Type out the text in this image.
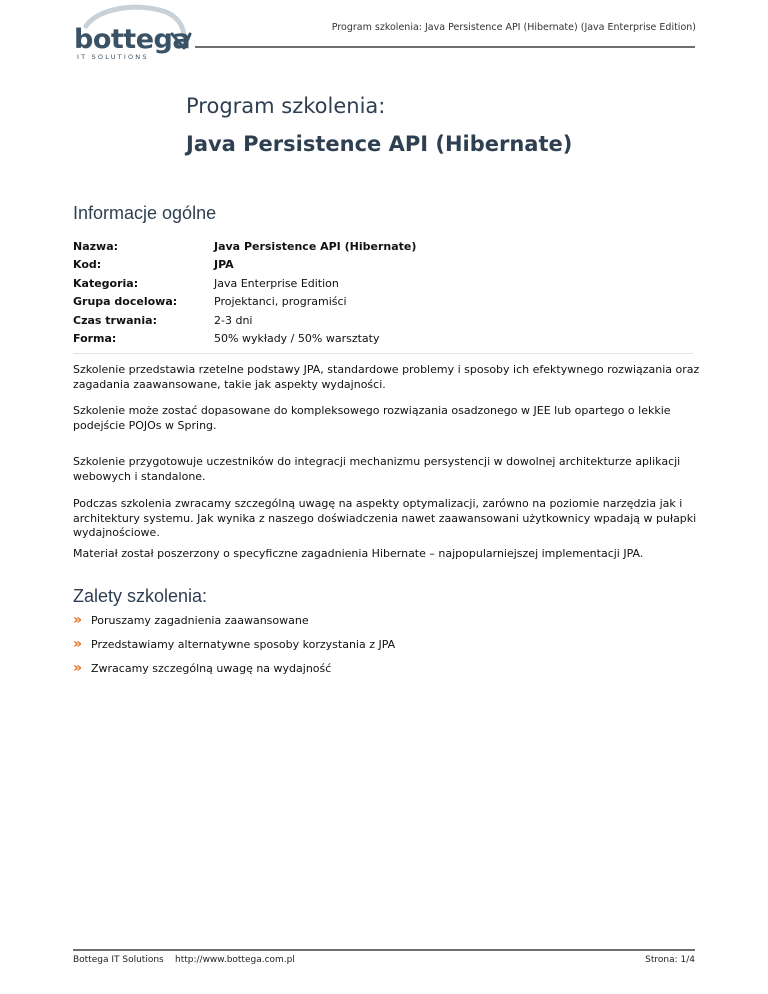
bottega
IT SOLUTIONS
Program szkolenia: Java Persistence API (Hibernate) (Java Enterprise Edition)
Program szkolenia:
Java Persistence API (Hibernate)
Informacje ogólne
Nazwa:	Java Persistence API (Hibernate)
Kod:	JPA
Kategoria:	Java Enterprise Edition
Grupa docelowa:	Projektanci, programiści
Czas trwania:	2-3 dni
Forma:	50% wykłady / 50% warsztaty

Szkolenie przedstawia rzetelne podstawy JPA, standardowe problemy i sposoby ich efektywnego rozwiązania oraz zagadania zaawansowane, takie jak aspekty wydajności.

Szkolenie może zostać dopasowane do kompleksowego rozwiązania osadzonego w JEE lub opartego o lekkie podejście POJOs w Spring.

Szkolenie przygotowuje uczestników do integracji mechanizmu persystencji w dowolnej architekturze aplikacji webowych i standalone.

Podczas szkolenia zwracamy szczególną uwagę na aspekty optymalizacji, zarówno na poziomie narzędzia jak i architektury systemu. Jak wynika z naszego doświadczenia nawet zaawansowani użytkownicy wpadają w pułapki wydajnościowe.

Materiał został poszerzony o specyficzne zagadnienia Hibernate – najpopularniejszej implementacji JPA.

Zalety szkolenia:
» Poruszamy zagadnienia zaawansowane
» Przedstawiamy alternatywne sposoby korzystania z JPA
» Zwracamy szczególną uwagę na wydajność
Bottega IT Solutions http://www.bottega.com.pl	Strona: 1/4
